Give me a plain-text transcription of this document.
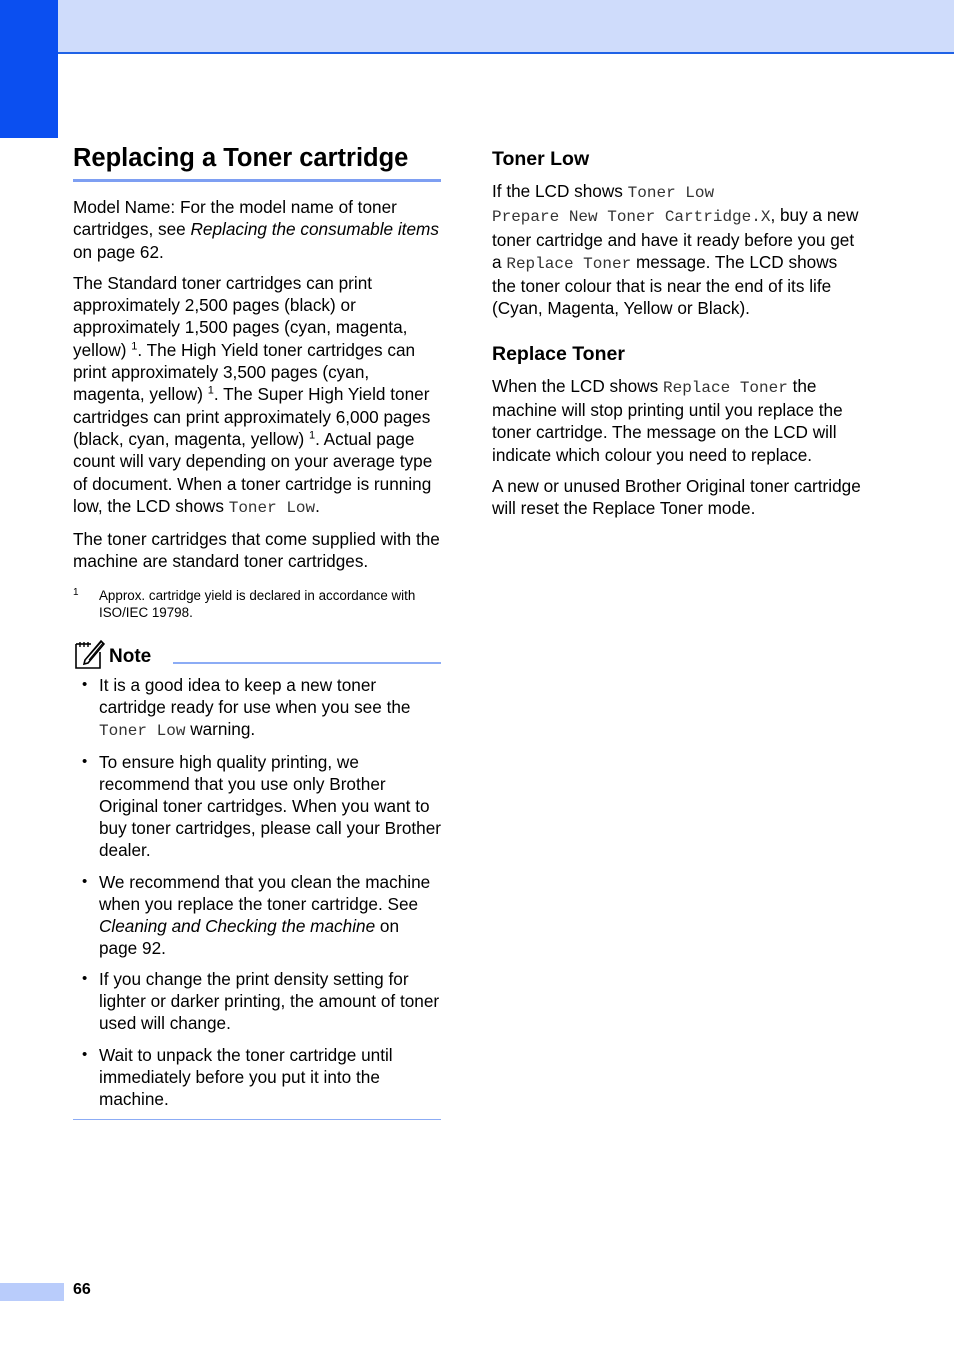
Replacing a Toner cartridge

Model Name: For the model name of toner cartridges, see Replacing the consumable items on page 62.

The Standard toner cartridges can print approximately 2,500 pages (black) or approximately 1,500 pages (cyan, magenta, yellow) $^1$. The High Yield toner cartridges can print approximately 3,500 pages (cyan, magenta, yellow) $^1$. The Super High Yield toner cartridges can print approximately 6,000 pages (black, cyan, magenta, yellow) $^1$. Actual page count will vary depending on your average type of document. When a toner cartridge is running low, the LCD shows Toner Low.

The toner cartridges that come supplied with the machine are standard toner cartridges.

1	Approx. cartridge yield is declared in accordance with ISO/IEC 19798.
Note
• It is a good idea to keep a new toner cartridge ready for use when you see the Toner Low warning.
• To ensure high quality printing, we recommend that you use only Brother Original toner cartridges. When you want to buy toner cartridges, please call your Brother dealer.
• We recommend that you clean the machine when you replace the toner cartridge. See Cleaning and Checking the machine on page 92.
• If you change the print density setting for lighter or darker printing, the amount of toner used will change.
• Wait to unpack the toner cartridge until immediately before you put it into the machine.
Toner Low

If the LCD shows Toner Low
Prepare New Toner Cartridge.X, buy a new toner cartridge and have it ready before you get a Replace Toner message. The LCD shows the toner colour that is near the end of its life (Cyan, Magenta, Yellow or Black).

Replace Toner

When the LCD shows Replace Toner the machine will stop printing until you replace the toner cartridge. The message on the LCD will indicate which colour you need to replace.

A new or unused Brother Original toner cartridge will reset the Replace Toner mode.

66
